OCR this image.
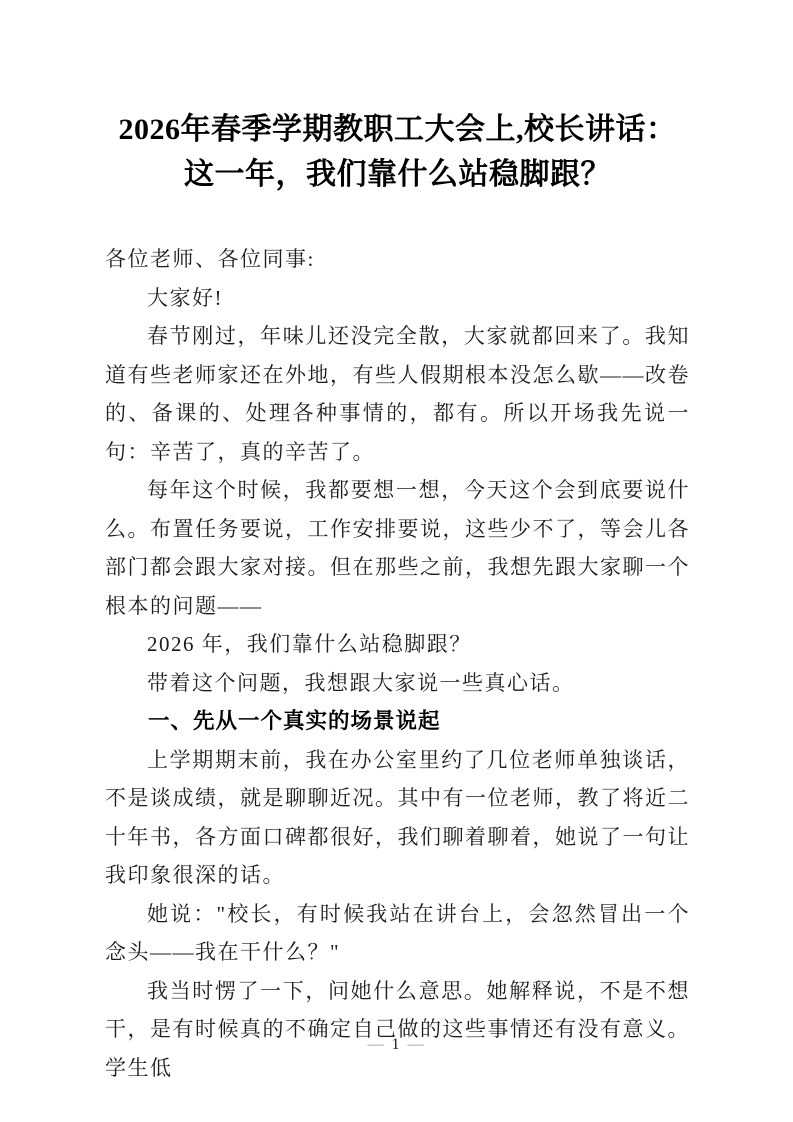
2026年春季学期教职工大会上,校长讲话：
这一年，我们靠什么站稳脚跟？

各位老师、各位同事:

大家好!

春节刚过，年味儿还没完全散，大家就都回来了。我知道有些老师家还在外地，有些人假期根本没怎么歇——改卷的、备课的、处理各种事情的，都有。所以开场我先说一句：辛苦了，真的辛苦了。

每年这个时候，我都要想一想，今天这个会到底要说什么。布置任务要说，工作安排要说，这些少不了，等会儿各部门都会跟大家对接。但在那些之前，我想先跟大家聊一个根本的问题——

2026 年，我们靠什么站稳脚跟？

带着这个问题，我想跟大家说一些真心话。

一、先从一个真实的场景说起

上学期期末前，我在办公室里约了几位老师单独谈话，不是谈成绩，就是聊聊近况。其中有一位老师，教了将近二十年书，各方面口碑都很好，我们聊着聊着，她说了一句让我印象很深的话。

她说："校长，有时候我站在讲台上，会忽然冒出一个念头——我在干什么？"

我当时愣了一下，问她什么意思。她解释说，不是不想干，是有时候真的不确定自己做的这些事情还有没有意义。学生低

— 1 —
